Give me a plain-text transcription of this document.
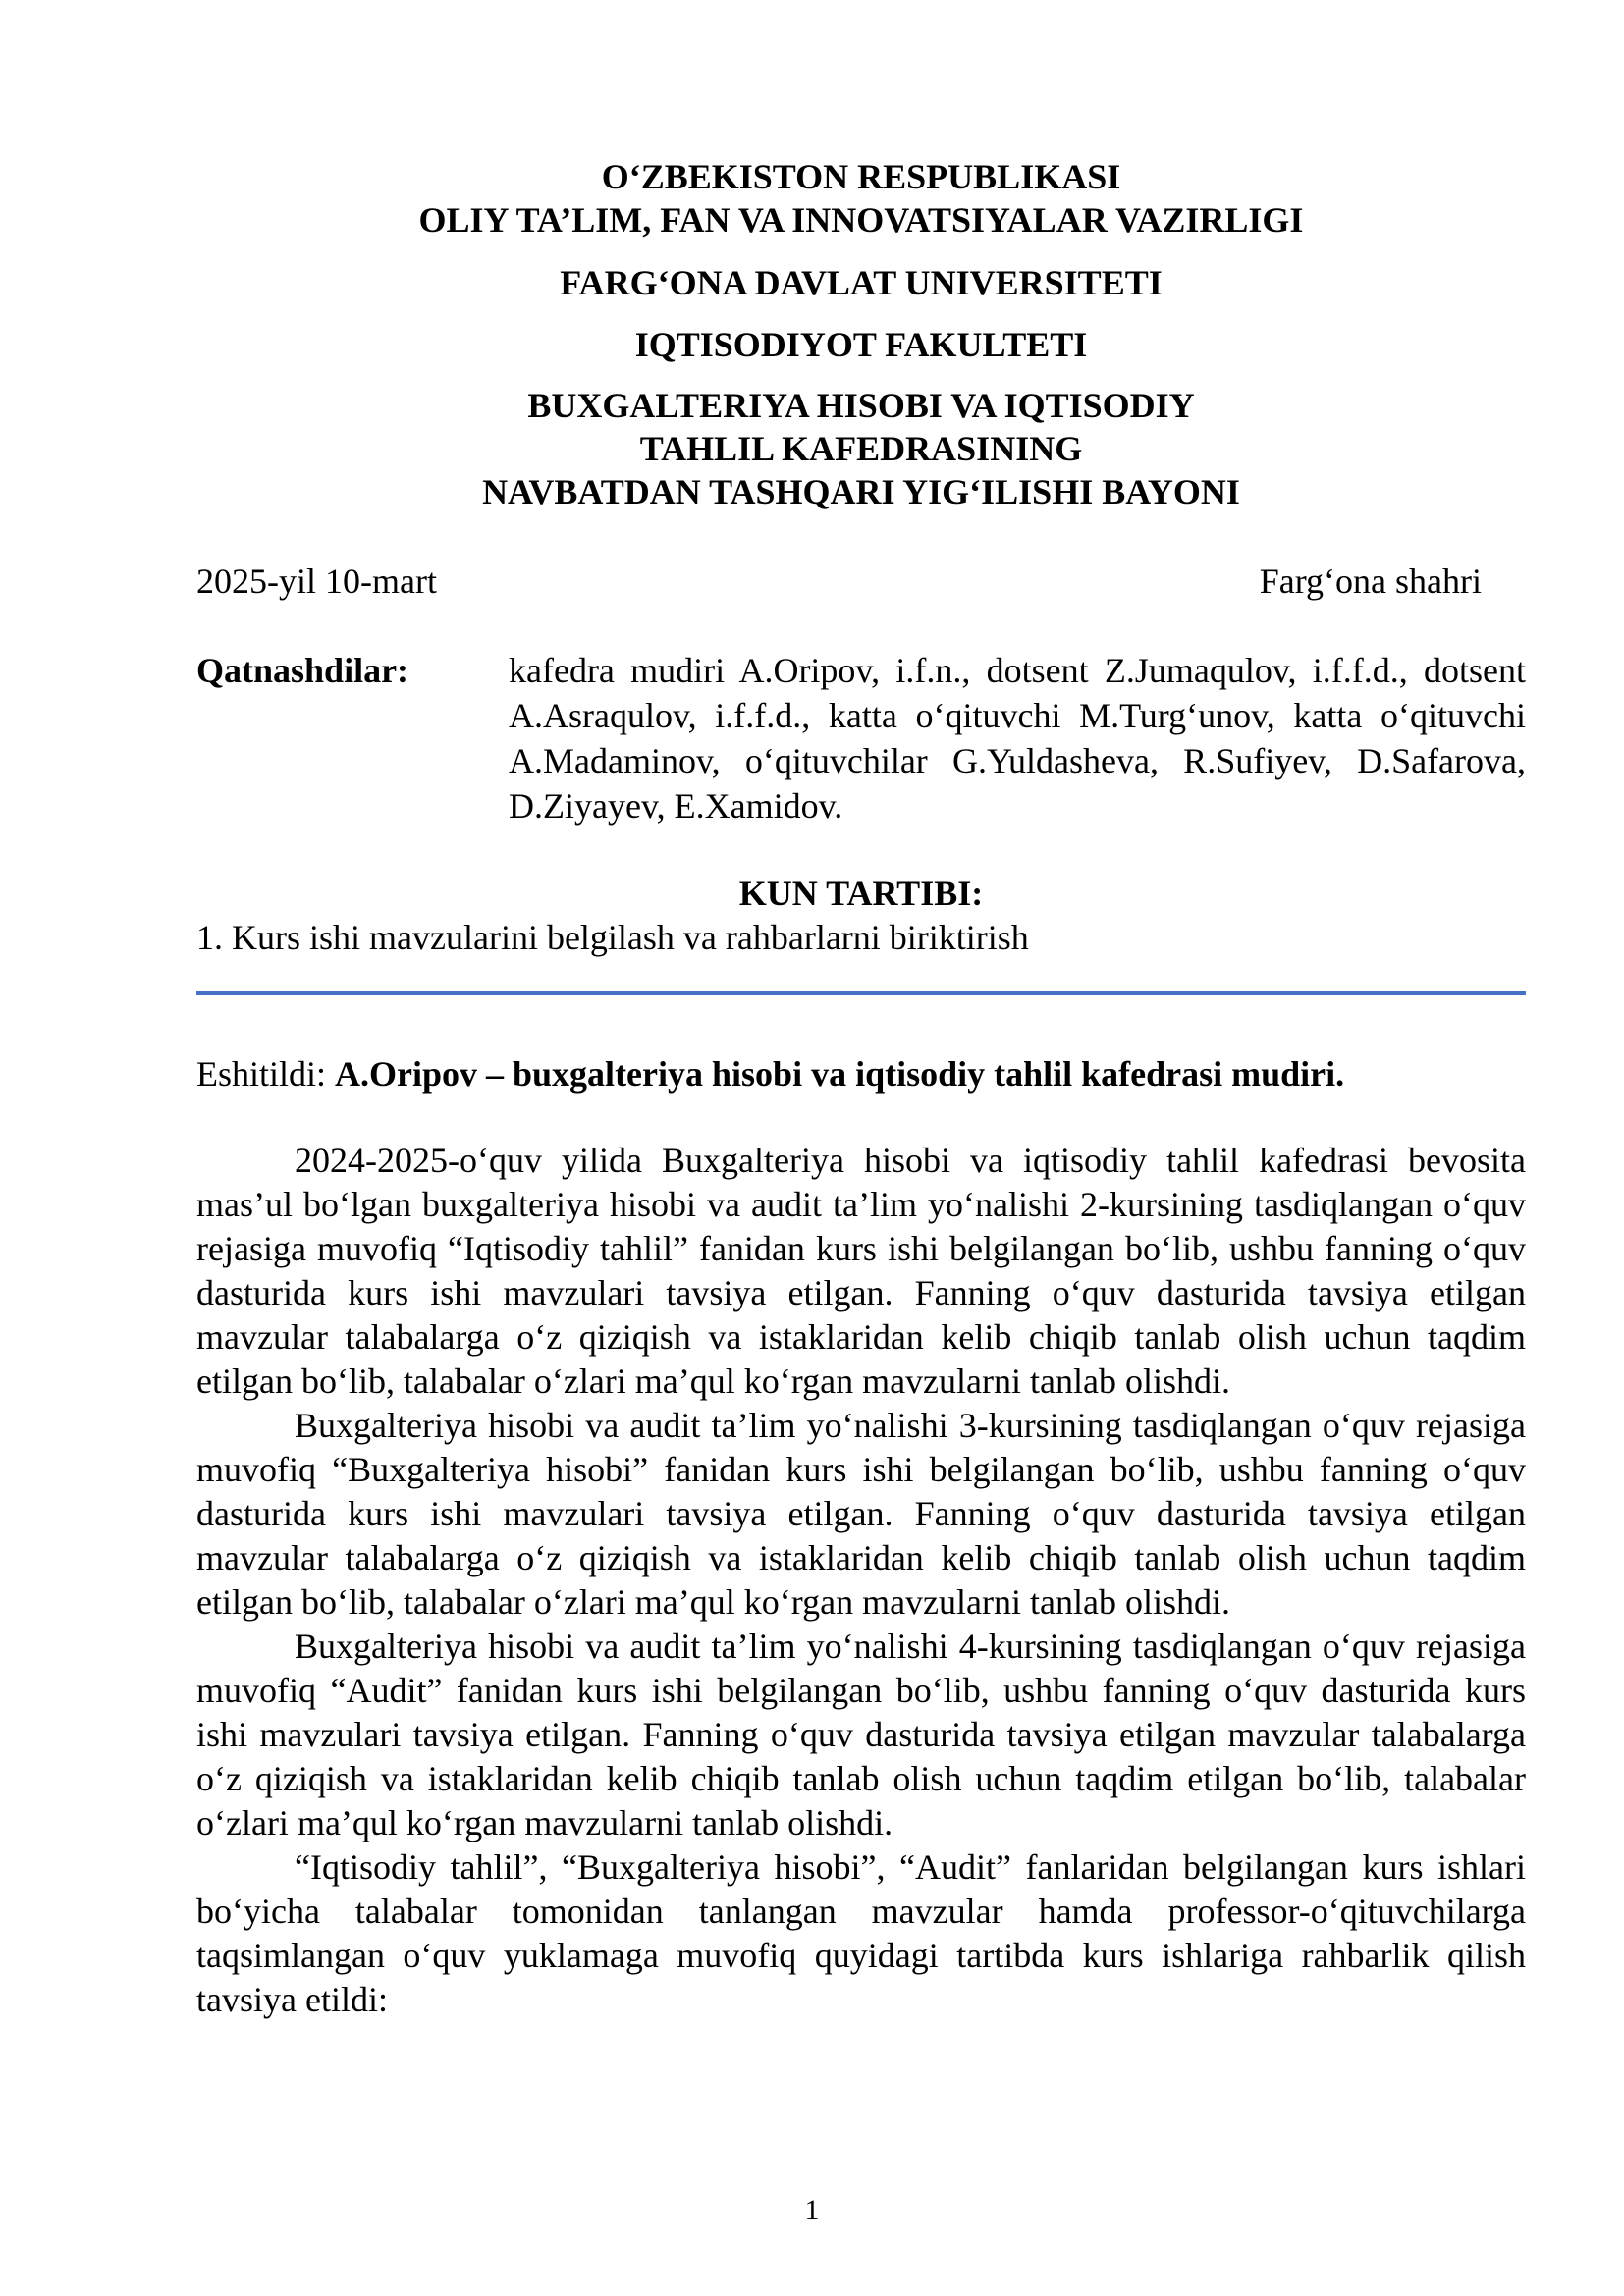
O‘ZBEKISTON RESPUBLIKASI
OLIY TA’LIM, FAN VA INNOVATSIYALAR VAZIRLIGI
FARG‘ONA DAVLAT UNIVERSITETI
IQTISODIYOT FAKULTETI
BUXGALTERIYA HISOBI VA IQTISODIY
TAHLIL KAFEDRASINING
NAVBATDAN TASHQARI YIG‘ILISHI BAYONI
2025-yil 10-mart	Farg‘ona shahri
Qatnashdilar:	kafedra mudiri A.Oripov, i.f.n., dotsent Z.Jumaqulov, i.f.f.d., dotsent A.Asraqulov, i.f.f.d., katta o‘qituvchi M.Turg‘unov, katta o‘qituvchi A.Madaminov, o‘qituvchilar G.Yuldasheva, R.Sufiyev, D.Safarova, D.Ziyayev, E.Xamidov.
KUN TARTIBI:
1. Kurs ishi mavzularini belgilash va rahbarlarni biriktirish
Eshitildi: A.Oripov – buxgalteriya hisobi va iqtisodiy tahlil kafedrasi mudiri.

2024-2025-o‘quv yilida Buxgalteriya hisobi va iqtisodiy tahlil kafedrasi bevosita mas’ul bo‘lgan buxgalteriya hisobi va audit ta’lim yo‘nalishi 2-kursining tasdiqlangan o‘quv rejasiga muvofiq “Iqtisodiy tahlil” fanidan kurs ishi belgilangan bo‘lib, ushbu fanning o‘quv dasturida kurs ishi mavzulari tavsiya etilgan. Fanning o‘quv dasturida tavsiya etilgan mavzular talabalarga o‘z qiziqish va istaklaridan kelib chiqib tanlab olish uchun taqdim etilgan bo‘lib, talabalar o‘zlari ma’qul ko‘rgan mavzularni tanlab olishdi.

Buxgalteriya hisobi va audit ta’lim yo‘nalishi 3-kursining tasdiqlangan o‘quv rejasiga muvofiq “Buxgalteriya hisobi” fanidan kurs ishi belgilangan bo‘lib, ushbu fanning o‘quv dasturida kurs ishi mavzulari tavsiya etilgan. Fanning o‘quv dasturida tavsiya etilgan mavzular talabalarga o‘z qiziqish va istaklaridan kelib chiqib tanlab olish uchun taqdim etilgan bo‘lib, talabalar o‘zlari ma’qul ko‘rgan mavzularni tanlab olishdi.

Buxgalteriya hisobi va audit ta’lim yo‘nalishi 4-kursining tasdiqlangan o‘quv rejasiga muvofiq “Audit” fanidan kurs ishi belgilangan bo‘lib, ushbu fanning o‘quv dasturida kurs ishi mavzulari tavsiya etilgan. Fanning o‘quv dasturida tavsiya etilgan mavzular talabalarga o‘z qiziqish va istaklaridan kelib chiqib tanlab olish uchun taqdim etilgan bo‘lib, talabalar o‘zlari ma’qul ko‘rgan mavzularni tanlab olishdi.

“Iqtisodiy tahlil”, “Buxgalteriya hisobi”, “Audit” fanlaridan belgilangan kurs ishlari bo‘yicha talabalar tomonidan tanlangan mavzular hamda professor-o‘qituvchilarga taqsimlangan o‘quv yuklamaga muvofiq quyidagi tartibda kurs ishlariga rahbarlik qilish tavsiya etildi:

1
